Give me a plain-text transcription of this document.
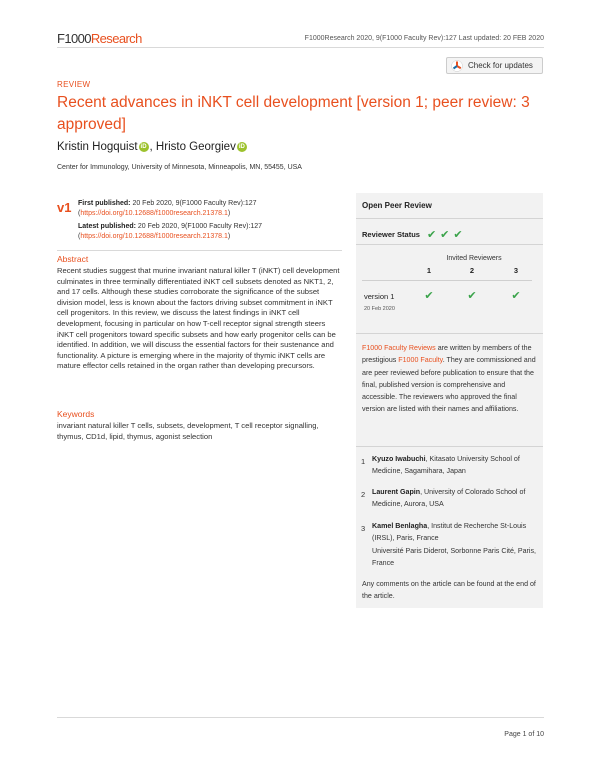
F1000Research	F1000Research 2020, 9(F1000 Faculty Rev):127 Last updated: 20 FEB 2020
Check for updates
REVIEW
Recent advances in iNKT cell development [version 1; peer review: 3 approved]
Kristin Hogquist iD , Hristo Georgiev iD
Center for Immunology, University of Minnesota, Minneapolis, MN, 55455, USA
v1 First published: 20 Feb 2020, 9(F1000 Faculty Rev):127 (https://doi.org/10.12688/f1000research.21378.1)
Latest published: 20 Feb 2020, 9(F1000 Faculty Rev):127 (https://doi.org/10.12688/f1000research.21378.1)
Abstract
Recent studies suggest that murine invariant natural killer T (iNKT) cell development culminates in three terminally differentiated iNKT cell subsets denoted as NKT1, 2, and 17 cells. Although these studies corroborate the significance of the subset division model, less is known about the factors driving subset commitment in iNKT cell progenitors. In this review, we discuss the latest findings in iNKT cell development, focusing in particular on how T-cell receptor signal strength steers iNKT cell progenitors toward specific subsets and how early progenitor cells can be identified. In addition, we will discuss the essential factors for their sustenance and functionality. A picture is emerging where in the majority of thymic iNKT cells are mature effector cells retained in the organ rather than developing precursors.
Keywords
invariant natural killer T cells, subsets, development, T cell receptor signalling, thymus, CD1d, lipid, thymus, agonist selection
Open Peer Review
Reviewer Status ✔ ✔ ✔
Invited Reviewers
1	2	3
version 1
20 Feb 2020
✔	✔	✔
F1000 Faculty Reviews are written by members of the prestigious F1000 Faculty. They are commissioned and are peer reviewed before publication to ensure that the final, published version is comprehensive and accessible. The reviewers who approved the final version are listed with their names and affiliations.
1 Kyuzo Iwabuchi, Kitasato University School of Medicine, Sagamihara, Japan
2 Laurent Gapin, University of Colorado School of Medicine, Aurora, USA
3 Kamel Benlagha, Institut de Recherche St-Louis (IRSL), Paris, France
Université Paris Diderot, Sorbonne Paris Cité, Paris, France
Any comments on the article can be found at the end of the article.
Page 1 of 10
